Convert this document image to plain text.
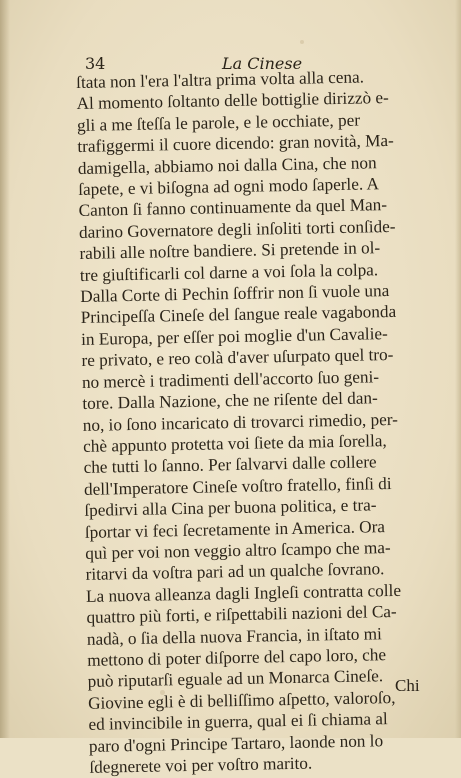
34	La Cinese
ſtata non l'era l'altra prima volta alla cena.
Al momento ſoltanto delle bottiglie dirizzò e-
gli a me ſteſſa le parole, e le occhiate, per
trafiggermi il cuore dicendo: gran novità, Ma-
damigella, abbiamo noi dalla Cina, che non
ſapete, e vi biſogna ad ogni modo ſaperle. A
Canton ſi fanno continuamente da quel Man-
darino Governatore degli inſoliti torti conſide-
rabili alle noſtre bandiere. Si pretende in ol-
tre giuſtificarli col darne a voi ſola la colpa.
Dalla Corte di Pechin ſoffrir non ſi vuole una
Principeſſa Cineſe del ſangue reale vagabonda
in Europa, per eſſer poi moglie d'un Cavalie-
re privato, e reo colà d'aver uſurpato quel tro-
no mercè i tradimenti dell'accorto ſuo geni-
tore. Dalla Nazione, che ne riſente del dan-
no, io ſono incaricato di trovarci rimedio, per-
chè appunto protetta voi ſiete da mia ſorella,
che tutti lo ſanno. Per ſalvarvi dalle collere
dell'Imperatore Cineſe voſtro fratello, finſi di
ſpedirvi alla Cina per buona politica, e tra-
ſportar vi feci ſecretamente in America. Ora
quì per voi non veggio altro ſcampo che ma-
ritarvi da voſtra pari ad un qualche ſovrano.
La nuova alleanza dagli Ingleſi contratta colle
quattro più forti, e riſpettabili nazioni del Ca-
nadà, o ſia della nuova Francia, in iſtato mi
mettono di poter diſporre del capo loro, che
può riputarſi eguale ad un Monarca Cineſe.
Giovine egli è di belliſſimo aſpetto, valoroſo,
ed invincibile in guerra, qual ei ſi chiama al
paro d'ogni Principe Tartaro, laonde non lo
ſdegnerete voi per voſtro marito.
Chi
